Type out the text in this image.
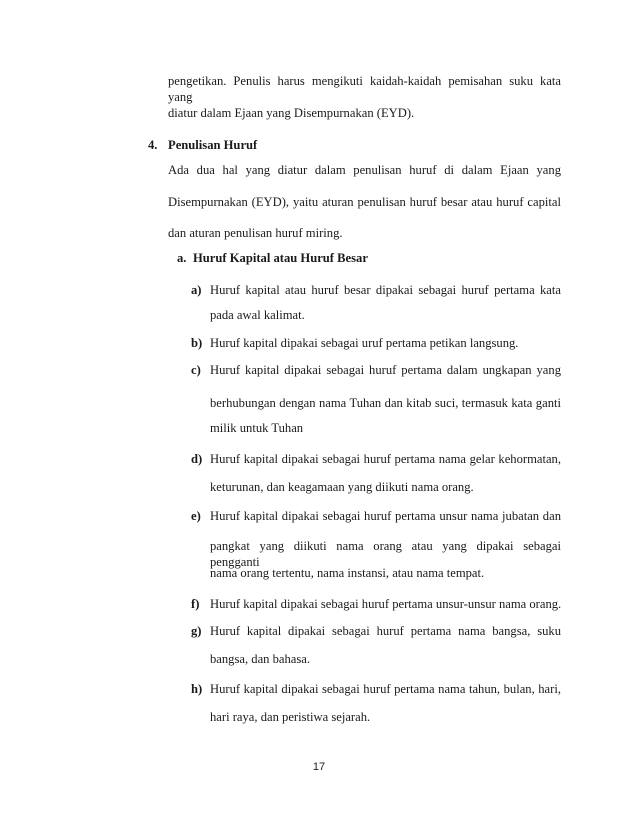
pengetikan. Penulis harus mengikuti kaidah-kaidah pemisahan suku kata yang
diatur dalam Ejaan yang Disempurnakan (EYD).
4. Penulisan Huruf
Ada dua hal yang diatur dalam penulisan huruf di dalam Ejaan yang
Disempurnakan (EYD), yaitu aturan penulisan huruf besar atau huruf capital
dan aturan penulisan huruf miring.
a. Huruf Kapital atau Huruf Besar
a) Huruf kapital atau huruf besar dipakai sebagai huruf pertama kata
pada awal kalimat.
b) Huruf kapital dipakai sebagai uruf pertama petikan langsung.
c) Huruf kapital dipakai sebagai huruf pertama dalam ungkapan yang
berhubungan dengan nama Tuhan dan kitab suci, termasuk kata ganti
milik untuk Tuhan
d) Huruf kapital dipakai sebagai huruf pertama nama gelar kehormatan,
keturunan, dan keagamaan yang diikuti nama orang.
e) Huruf kapital dipakai sebagai huruf pertama unsur nama jubatan dan
pangkat yang diikuti nama orang atau yang dipakai sebagai pengganti
nama orang tertentu, nama instansi, atau nama tempat.
f) Huruf kapital dipakai sebagai huruf pertama unsur-unsur nama orang.
g) Huruf kapital dipakai sebagai huruf pertama nama bangsa, suku
bangsa, dan bahasa.
h) Huruf kapital dipakai sebagai huruf pertama nama tahun, bulan, hari,
hari raya, dan peristiwa sejarah.
17
